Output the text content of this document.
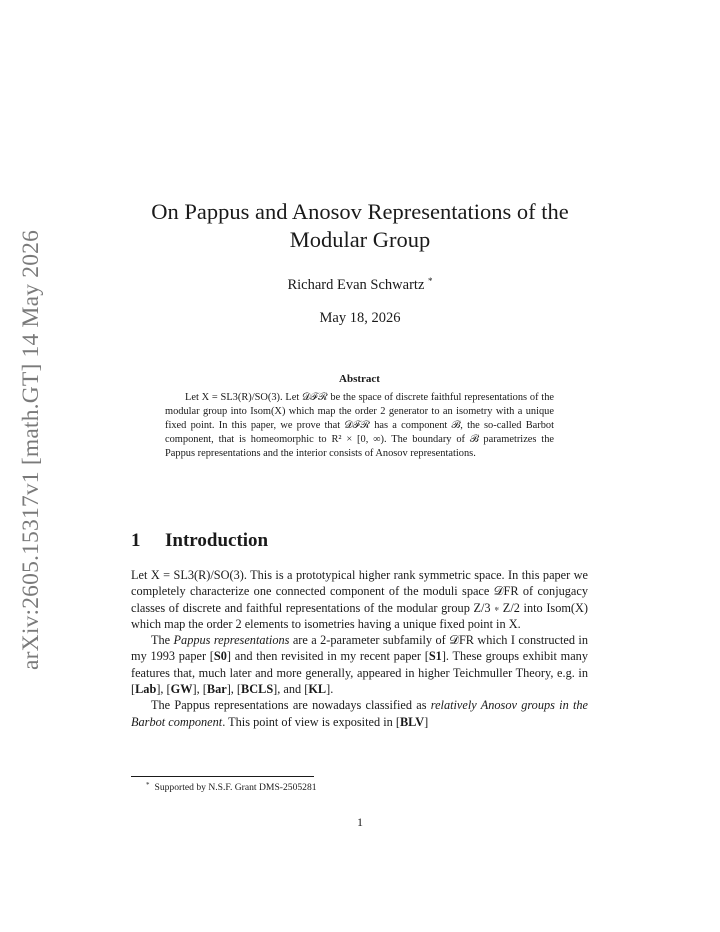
arXiv:2605.15317v1 [math.GT] 14 May 2026
On Pappus and Anosov Representations of the Modular Group
Richard Evan Schwartz *
May 18, 2026
Abstract

Let X = SL3(R)/SO(3). Let 𝒟ℱℛ be the space of discrete faithful representations of the modular group into Isom(X) which map the order 2 generator to an isometry with a unique fixed point. In this paper, we prove that 𝒟ℱℛ has a component ℬ, the so-called Barbot component, that is homeomorphic to R² × [0, ∞). The boundary of ℬ parametrizes the Pappus representations and the interior consists of Anosov representations.

1 Introduction

Let X = SL3(R)/SO(3). This is a prototypical higher rank symmetric space. In this paper we completely characterize one connected component of the moduli space 𝒟FR of conjugacy classes of discrete and faithful representations of the modular group Z/3 ∗ Z/2 into Isom(X) which map the order 2 elements to isometries having a unique fixed point in X.

The Pappus representations are a 2-parameter subfamily of 𝒟FR which I constructed in my 1993 paper [S0] and then revisited in my recent paper [S1]. These groups exhibit many features that, much later and more generally, appeared in higher Teichmuller Theory, e.g. in [Lab], [GW], [Bar], [BCLS], and [KL].

The Pappus representations are nowadays classified as relatively Anosov groups in the Barbot component. This point of view is exposited in [BLV]

* Supported by N.S.F. Grant DMS-2505281
1
